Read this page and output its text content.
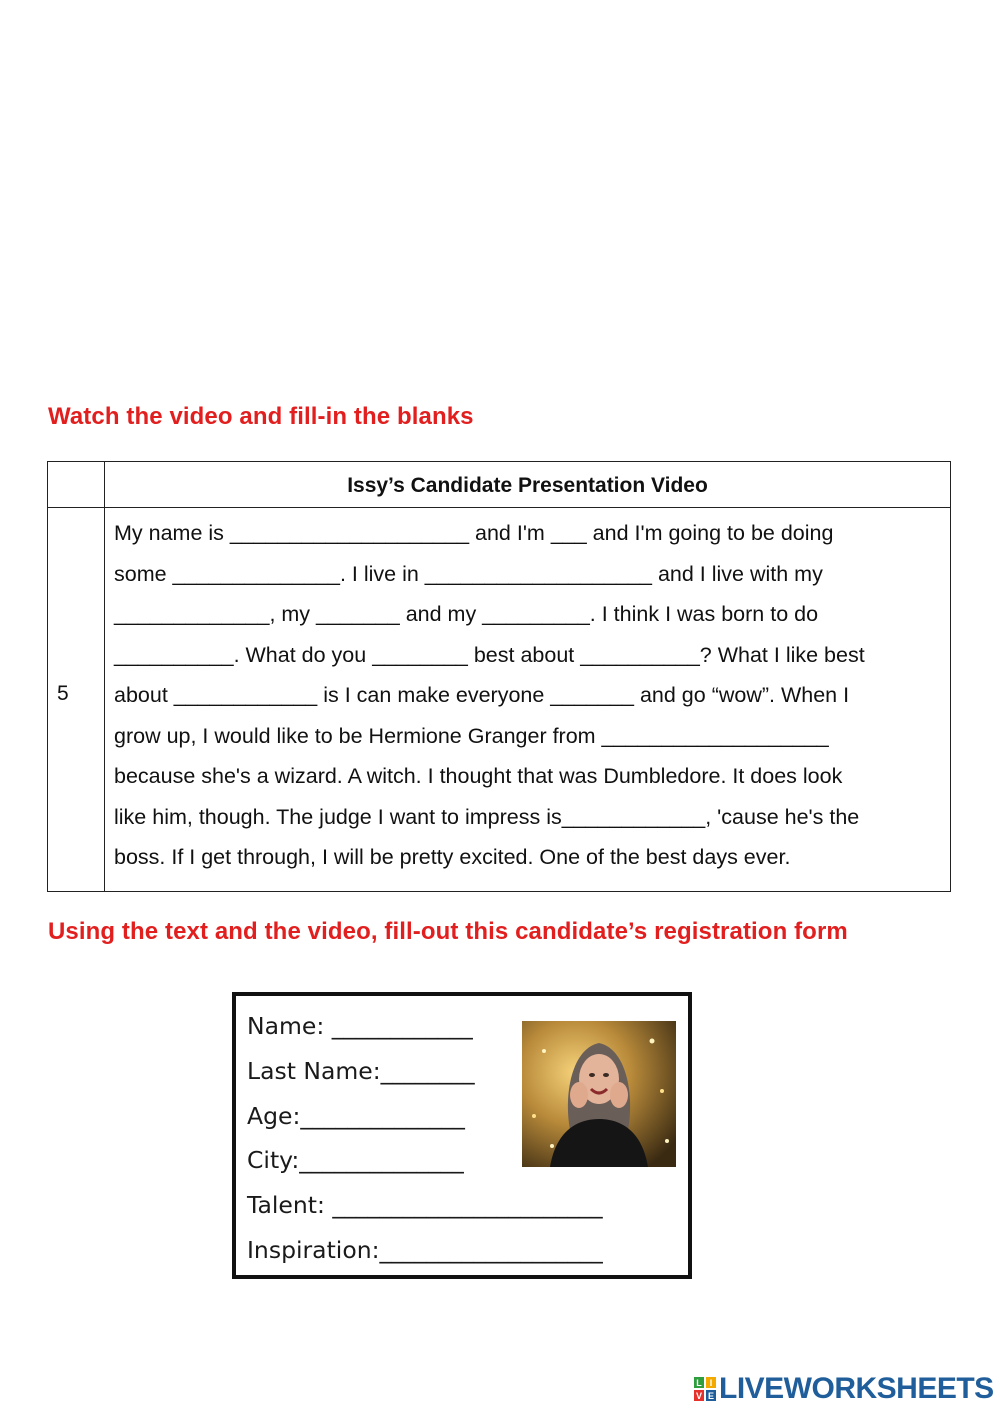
Watch the video and fill-in the blanks
Issy’s Candidate Presentation Video
5
My name is ____________________ and I'm ___ and I'm going to be doing
some ______________. I live in ___________________ and I live with my
_____________, my _______ and my _________. I think I was born to do
__________. What do you ________ best about __________? What I like best
about ____________ is I can make everyone _______ and go “wow”. When I
grow up, I would like to be Hermione Granger from ___________________
because she's a wizard. A witch. I thought that was Dumbledore. It does look
like him, though. The judge I want to impress is____________, 'cause he's the
boss. If I get through, I will be pretty excited. One of the best days ever.
Using the text and the video, fill-out this candidate’s registration form
Name: ____________
Last Name:________
Age:______________
City:______________
Talent: _______________________
Inspiration:___________________
L I
V E LIVEWORKSHEETS
